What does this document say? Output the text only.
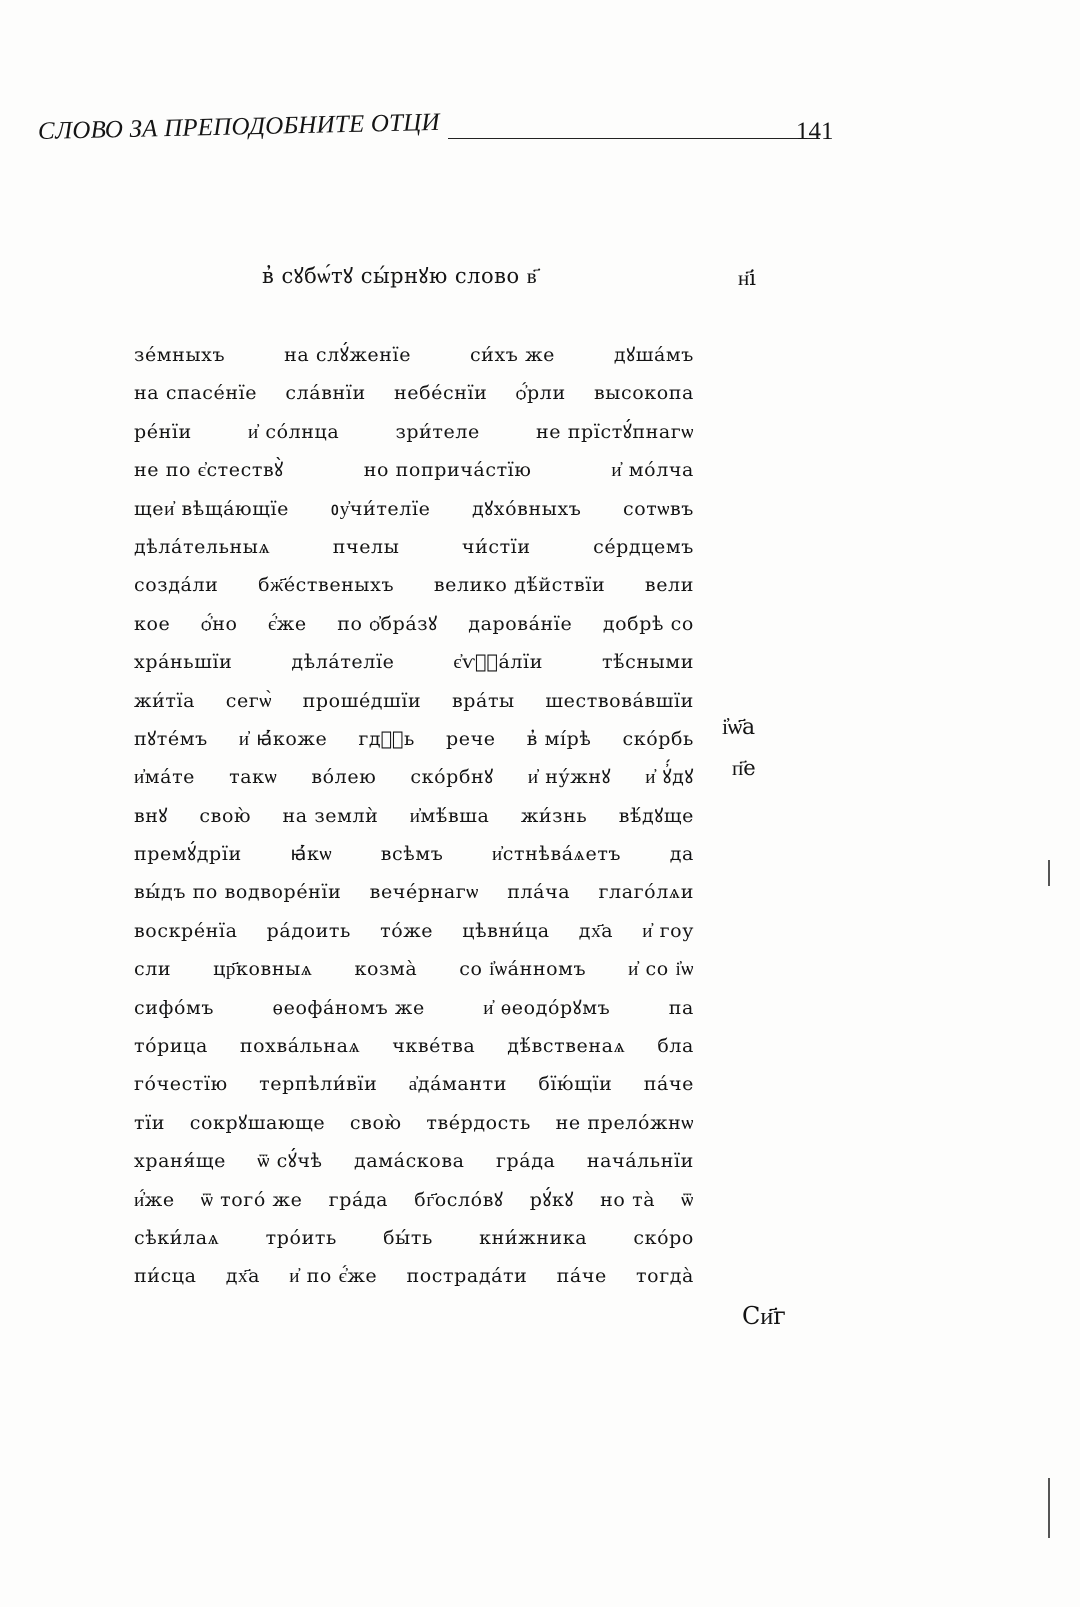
СЛОВО ЗА ПРЕПОДОБНИТЕ ОТЦИ	141
в̓ сꙋбѡ́тꙋ сы́рнꙋю слово в҃	н҃і
і҆ѡ҃а
п҃е
Си҃г
зе́мныхъ	на слꙋ́женїе	си́хъ же	дꙋша́мъ
на спасе́нїе сла́внїи небе́снїи ѻ҆́рли высокопа
ре́нїи	и҆ со́лнца	зри́теле	не прїстꙋ́пнагѡ
не по є҆стествꙋ̀	но поприча́стїю	и҆ мо́лча
щеи҆ вѣща́ющїе ᲂу҆чи́телїе дꙋхо́вныхъ сотѡвъ
дѣла́тельныѧ	пчелы	чи́стїи	се́рдцемъ
созда́ли бж҃е́ственыхъ велико дѣ́йствїи вели
кое ѻ҆́но є҆́же по ѻ҆бра́зꙋ дарова́нїе добрѣ со
хра́ньшїи	дѣла́телїе	є҆ѵⷢ҇а́лїи	тѣ́сными
жи́тїа сегѡ̀ проше́дшїи вра́ты шествова́вшїи
пꙋте́мъ и҆ ꙗ҆́коже гдⷭ҇ь рече в̓ мі́рѣ ско́рбь
и҆ма́те такѡ во́лею ско́рбнꙋ и҆ ну́жнꙋ и҆ ꙋ҆́дꙋ
внꙋ свою̀ на землѝ и҆мѣ́вша жи́знь вѣ́дꙋще
премꙋ́дрїи	ꙗ҆́кѡ	всѣмъ	и҆стнѣва́ѧетъ	да
вы́дъ по водворе́нїи вече́рнагѡ пла́ча глаго́лѧи
воскре́нїа ра́доить то́же цѣвни́ца дх҃а и҆ гоу
сли цр҃ковныѧ козма̀ со і҆ѡа́нномъ и҆ со і҆ѡ
сифо́мъ	ѳеофа́номъ же	и҆ ѳеодо́рꙋмъ	па
то́рица похва́льнаѧ чкве́тва дѣ́вственаѧ бла
го́честїю терпѣли́вїи а҆да́манти бїю́щїи па́че
тїи сокрꙋшающе свою̀ тве́рдость не прело́жнѡ
храня́ще ѿ сꙋ́чѣ дама́скова гра́да нача́льнїи
и҆́же ѿ того́ же гра́да бг҃осло́вꙋ рꙋ́кꙋ но та̀ ѿ
сѣки́лаѧ тро́ить бы́ть кни́жника ско́ро
пи́сца дх҃а и҆ по є҆́же пострада́ти па́че тогда̀
